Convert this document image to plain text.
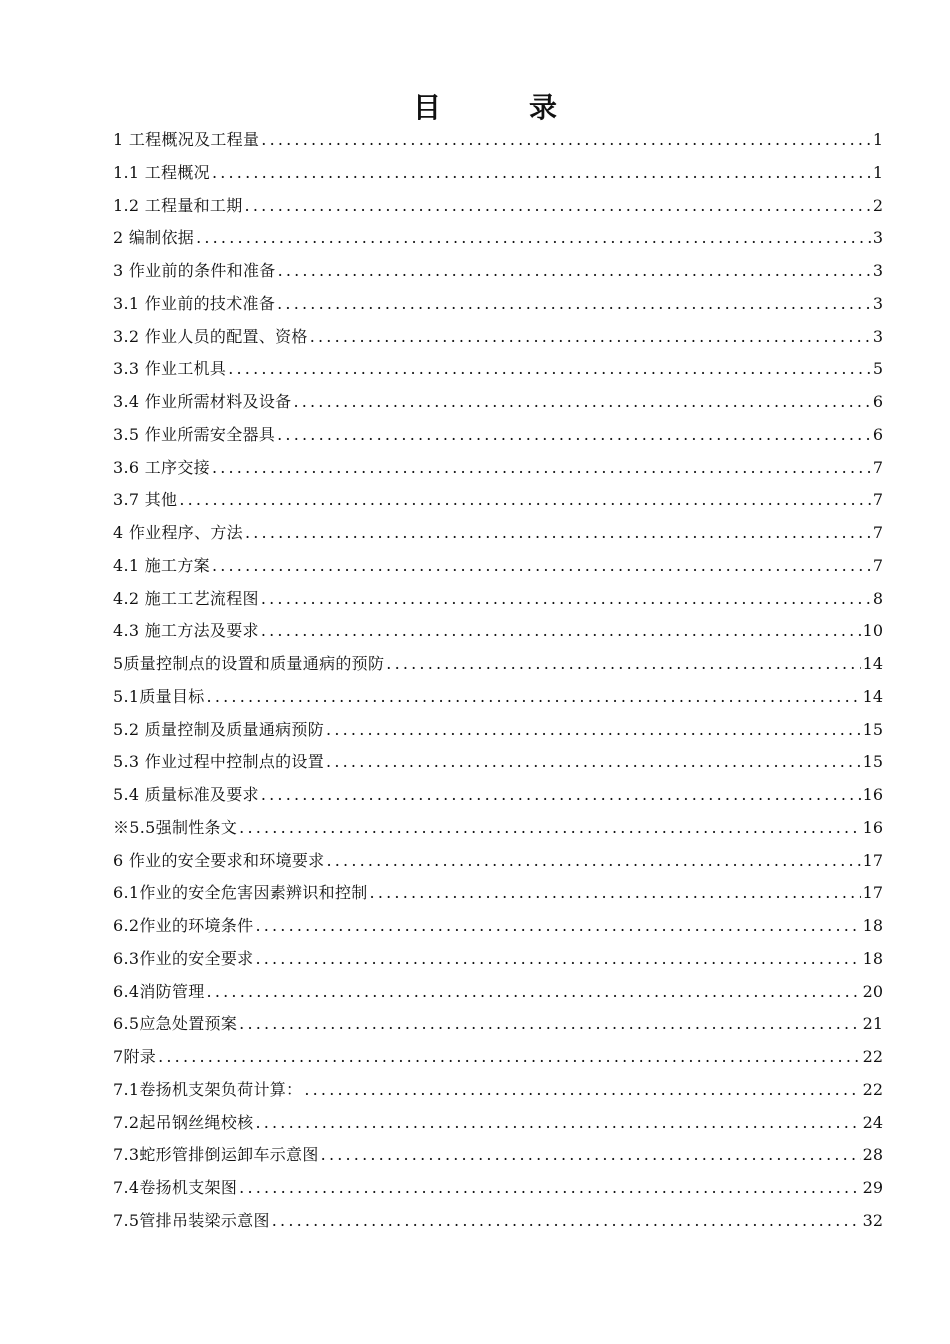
目　录
1 工程概况及工程量 .....	1
1.1 工程概况 .....	1
1.2 工程量和工期 .....	2
2 编制依据 .....	3
3 作业前的条件和准备 .....	3
3.1 作业前的技术准备 .....	3
3.2 作业人员的配置、资格 .....	3
3.3 作业工机具 .....	5
3.4 作业所需材料及设备 .....	6
3.5 作业所需安全器具 .....	6
3.6 工序交接 .....	7
3.7 其他 .....	7
4 作业程序、方法 .....	7
4.1 施工方案 .....	7
4.2 施工工艺流程图 .....	8
4.3 施工方法及要求 .....	10
5质量控制点的设置和质量通病的预防 .....	14
5.1质量目标 .....	14
5.2 质量控制及质量通病预防 .....	15
5.3 作业过程中控制点的设置 .....	15
5.4 质量标准及要求 .....	16
※5.5强制性条文 .....	16
6 作业的安全要求和环境要求 .....	17
6.1作业的安全危害因素辨识和控制 .....	17
6.2作业的环境条件 .....	18
6.3作业的安全要求 .....	18
6.4消防管理 .....	20
6.5应急处置预案 .....	21
7附录 .....	22
7.1卷扬机支架负荷计算： .....	22
7.2起吊钢丝绳校核 .....	24
7.3蛇形管排倒运卸车示意图 .....	28
7.4卷扬机支架图 .....	29
7.5管排吊装梁示意图 .....	32
